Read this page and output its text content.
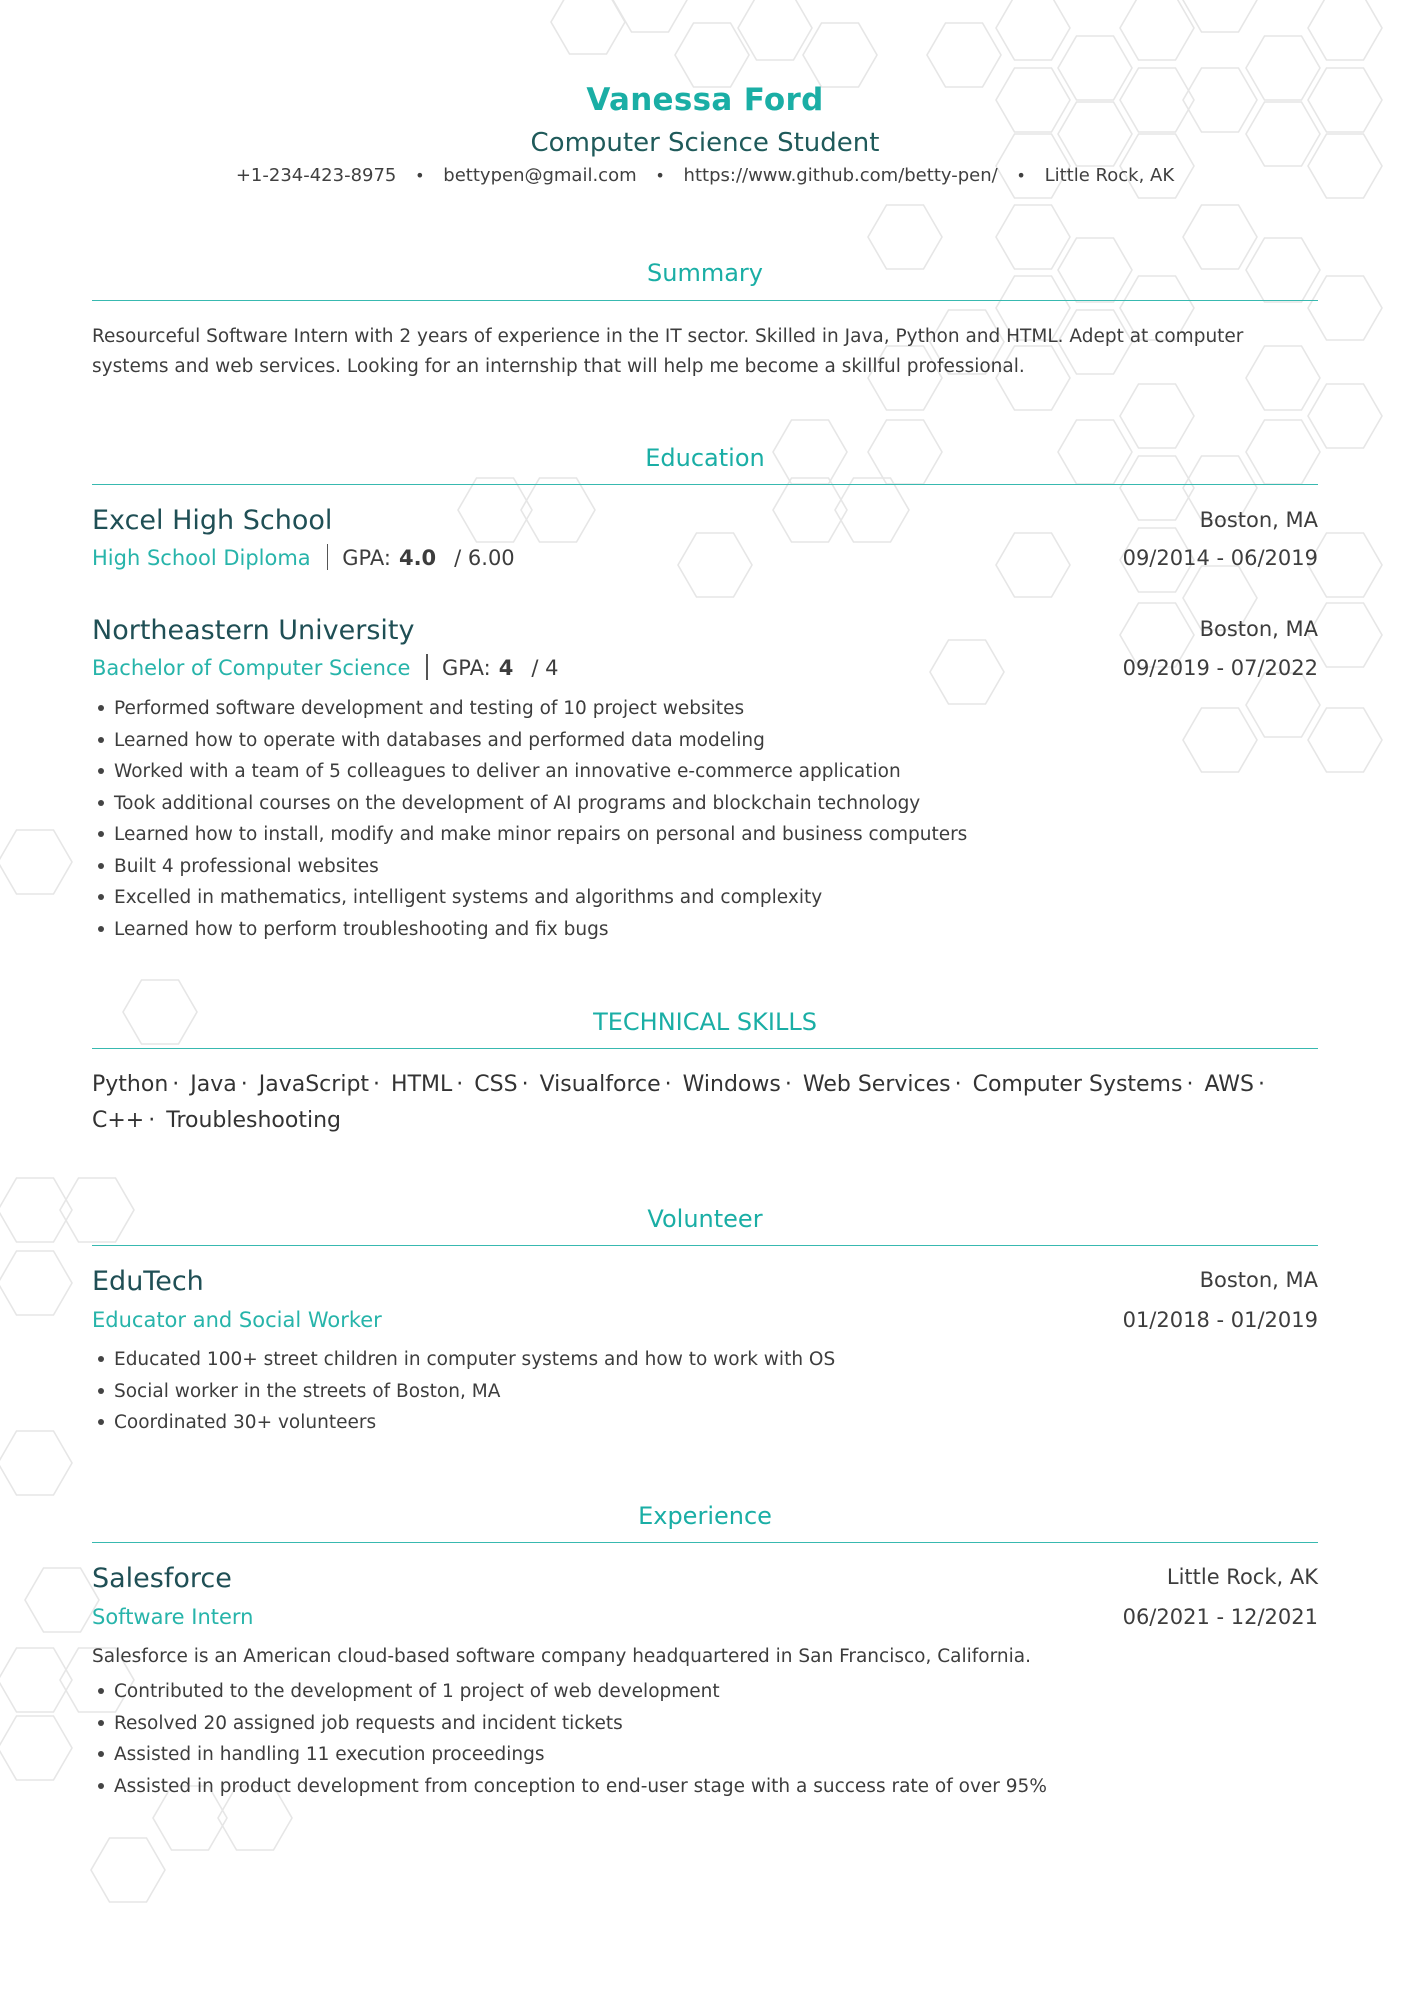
Vanessa Ford
Computer Science Student
+1-234-423-8975 • bettypen@gmail.com • https://www.github.com/betty-pen/ • Little Rock, AK
Summary
Resourceful Software Intern with 2 years of experience in the IT sector. Skilled in Java, Python and HTML. Adept at computer systems and web services. Looking for an internship that will help me become a skillful professional.
Education
Excel High School	Boston, MA
High School Diploma GPA: 4.0 / 6.00	09/2014 - 06/2019
Northeastern University	Boston, MA
Bachelor of Computer Science GPA: 4 / 4	09/2019 - 07/2022
Performed software development and testing of 10 project websites
Learned how to operate with databases and performed data modeling
Worked with a team of 5 colleagues to deliver an innovative e-commerce application
Took additional courses on the development of AI programs and blockchain technology
Learned how to install, modify and make minor repairs on personal and business computers
Built 4 professional websites
Excelled in mathematics, intelligent systems and algorithms and complexity
Learned how to perform troubleshooting and fix bugs
TECHNICAL SKILLS
Python · Java · JavaScript · HTML · CSS · Visualforce · Windows · Web Services · Computer Systems · AWS · C++ · Troubleshooting
Volunteer
EduTech	Boston, MA
Educator and Social Worker	01/2018 - 01/2019
Educated 100+ street children in computer systems and how to work with OS
Social worker in the streets of Boston, MA
Coordinated 30+ volunteers
Experience
Salesforce	Little Rock, AK
Software Intern	06/2021 - 12/2021
Salesforce is an American cloud-based software company headquartered in San Francisco, California.
Contributed to the development of 1 project of web development
Resolved 20 assigned job requests and incident tickets
Assisted in handling 11 execution proceedings
Assisted in product development from conception to end-user stage with a success rate of over 95%
